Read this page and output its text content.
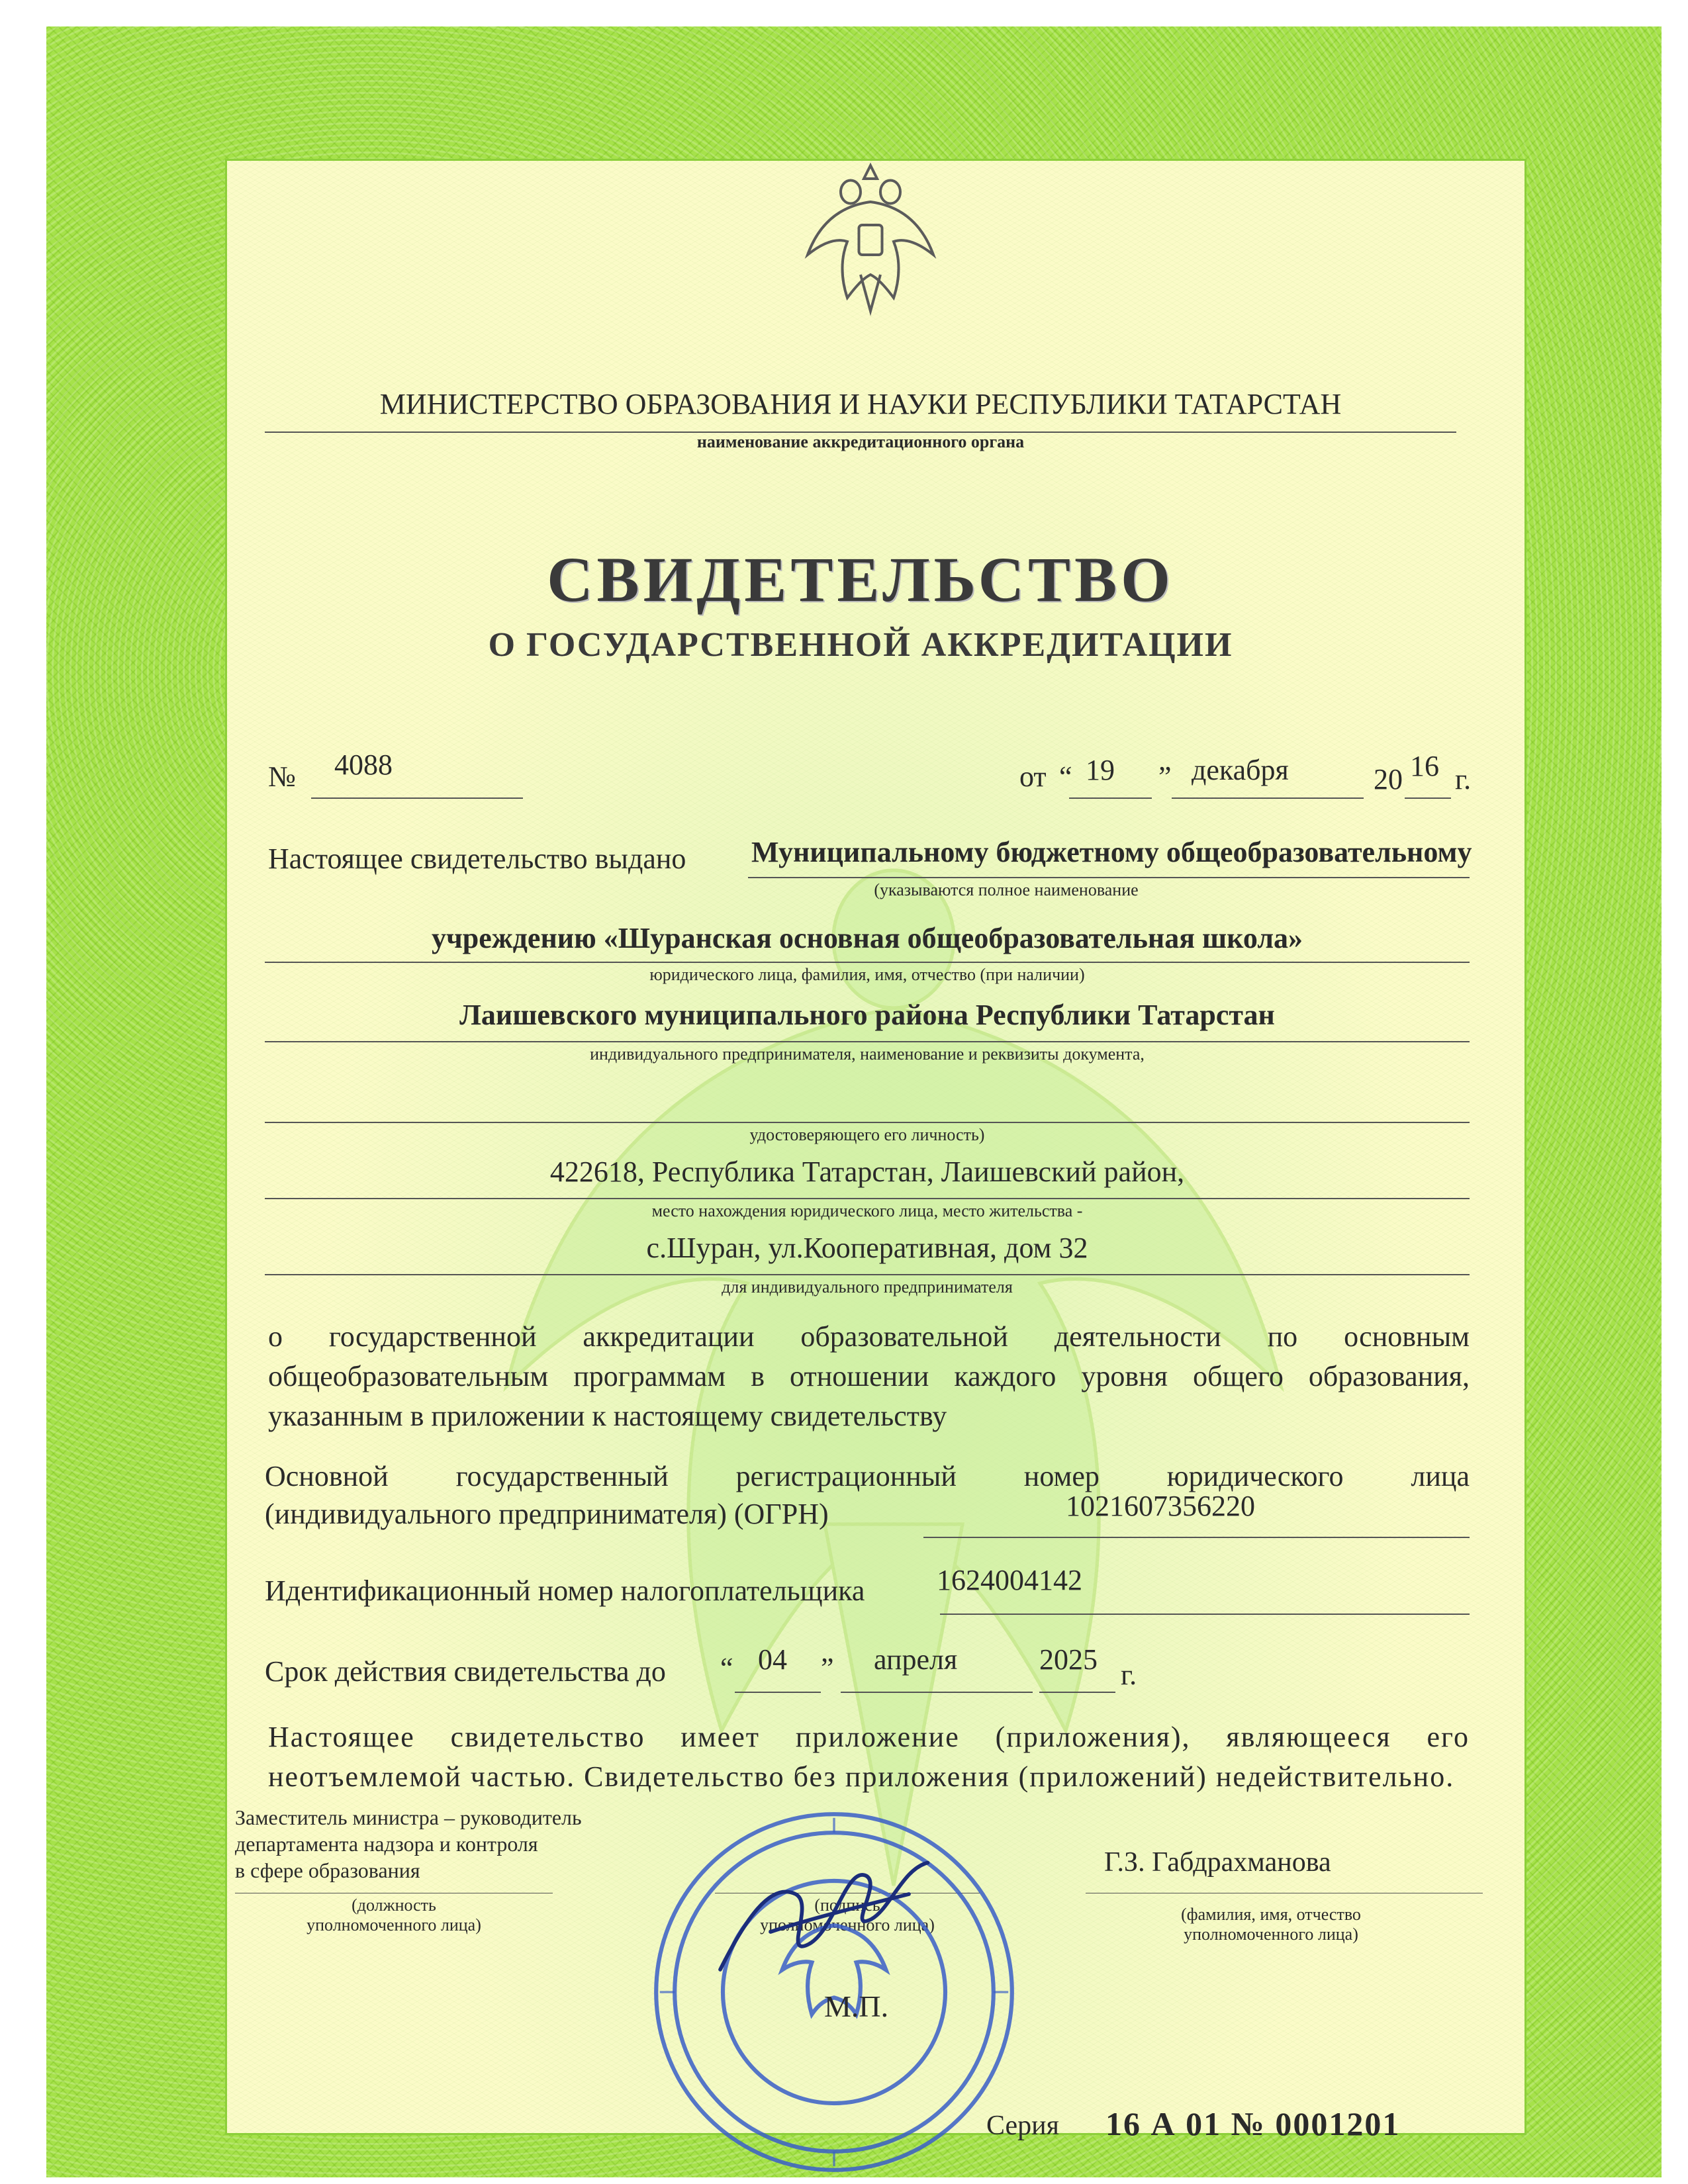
МИНИСТЕРСТВО ОБРАЗОВАНИЯ И НАУКИ РЕСПУБЛИКИ ТАТАРСТАН
наименование аккредитационного органа
СВИДЕТЕЛЬСТВО
О ГОСУДАРСТВЕННОЙ АККРЕДИТАЦИИ
№ 4088	от “ 19 ” декабря	20 16 г.
Настоящее свидетельство выдано Муниципальному бюджетному общеобразовательному
(указываются полное наименование
учреждению «Шуранская основная общеобразовательная школа»
юридического лица, фамилия, имя, отчество (при наличии)
Лаишевского муниципального района Республики Татарстан
индивидуального предпринимателя, наименование и реквизиты документа,
удостоверяющего его личность)
422618, Республика Татарстан, Лаишевский район,
место нахождения юридического лица, место жительства -
с.Шуран, ул.Кооперативная, дом 32
для индивидуального предпринимателя
о государственной аккредитации образовательной деятельности по основным общеобразовательным программам в отношении каждого уровня общего образования, указанным в приложении к настоящему свидетельству
Основной государственный регистрационный номер юридического лица
(индивидуального предпринимателя) (ОГРН)	1021607356220
Идентификационный номер налогоплательщика 1624004142
Срок действия свидетельства до “ 04 ” апреля	2025 г.
Настоящее свидетельство имеет приложение (приложения), являющееся его неотъемлемой частью. Свидетельство без приложения (приложений) недействительно.
Заместитель министра – руководитель
департамента надзора и контроля
в сфере образования
(должность
уполномоченного лица)
(подпись
уполномоченного лица)
Г.З. Габдрахманова
(фамилия, имя, отчество
уполномоченного лица)
М.П.
Серия 16 А 01 № 0001201
